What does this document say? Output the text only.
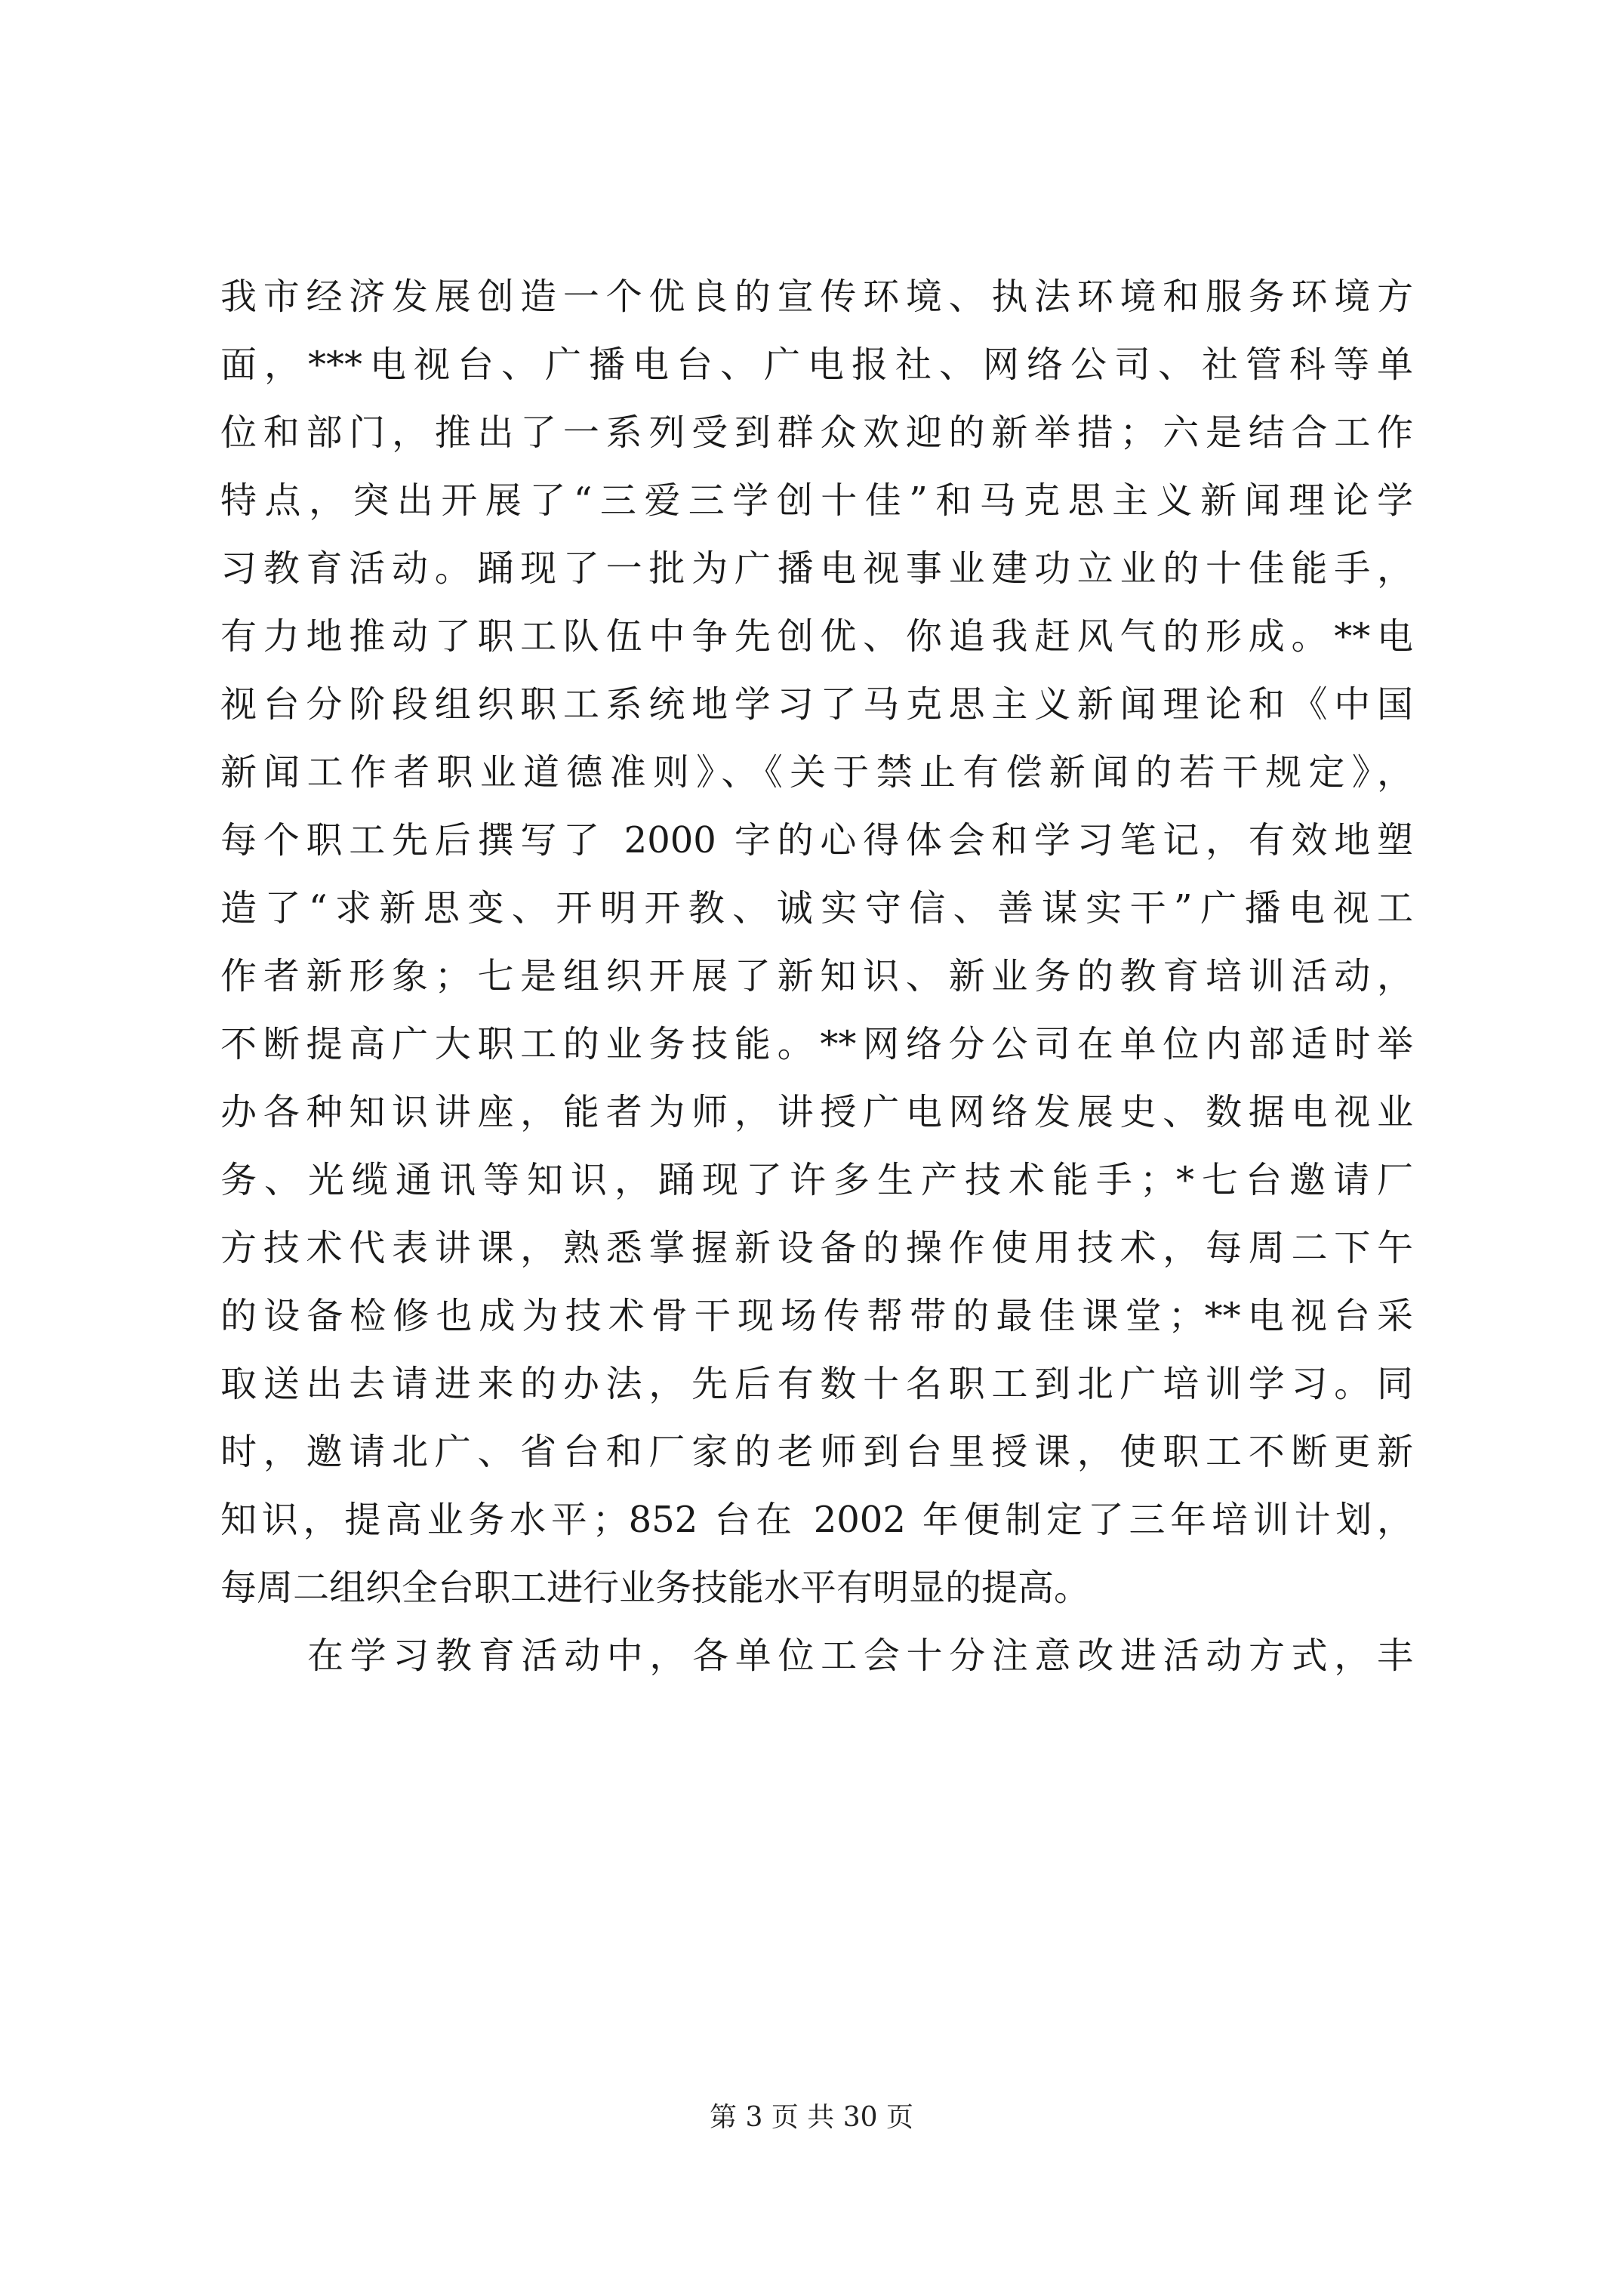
我市经济发展创造一个优良的宣传环境、执法环境和服务环境方
面，***电视台、广播电台、广电报社、网络公司、社管科等单
位和部门，推出了一系列受到群众欢迎的新举措；六是结合工作
特点，突出开展了“三爱三学创十佳”和马克思主义新闻理论学
习教育活动。踊现了一批为广播电视事业建功立业的十佳能手，
有力地推动了职工队伍中争先创优、你追我赶风气的形成。**电
视台分阶段组织职工系统地学习了马克思主义新闻理论和《中国
新闻工作者职业道德准则》、《关于禁止有偿新闻的若干规定》，
每个职工先后撰写了 2000 字的心得体会和学习笔记，有效地塑
造了“求新思变、开明开教、诚实守信、善谋实干”广播电视工
作者新形象；七是组织开展了新知识、新业务的教育培训活动，
不断提高广大职工的业务技能。**网络分公司在单位内部适时举
办各种知识讲座，能者为师，讲授广电网络发展史、数据电视业
务、光缆通讯等知识，踊现了许多生产技术能手；*七台邀请厂
方技术代表讲课，熟悉掌握新设备的操作使用技术，每周二下午
的设备检修也成为技术骨干现场传帮带的最佳课堂；**电视台采
取送出去请进来的办法，先后有数十名职工到北广培训学习。同
时，邀请北广、省台和厂家的老师到台里授课，使职工不断更新
知识，提高业务水平；852 台在 2002 年便制定了三年培训计划，
每周二组织全台职工进行业务技能水平有明显的提高。
在学习教育活动中，各单位工会十分注意改进活动方式，丰
第 3 页 共 30 页
